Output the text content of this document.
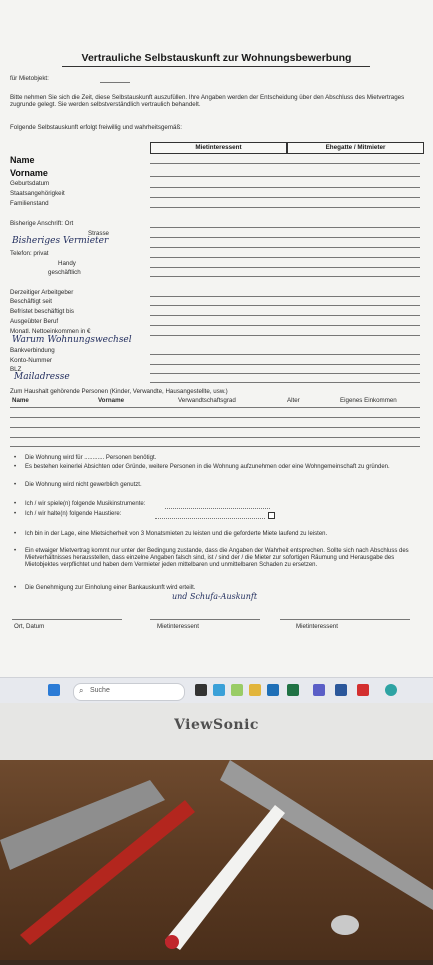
Vertrauliche Selbstauskunft zur Wohnungsbewerbung
für Mietobjekt:
Bitte nehmen Sie sich die Zeit, diese Selbstauskunft auszufüllen. Ihre Angaben werden der Entscheidung über den Abschluss des Mietvertrages zugrunde gelegt. Sie werden selbstverständlich vertraulich behandelt.
Folgende Selbstauskunft erfolgt freiwillig und wahrheitsgemäß:
Mietinteressent	Ehegatte / Mitmieter
Name
Vorname
Geburtsdatum
Staatsangehörigkeit
Familienstand
Bisherige Anschrift: Ort
Strasse
Bisheriges Vermieter
Telefon: privat
Handy
geschäftlich
Derzeitiger Arbeitgeber
Beschäftigt seit
Befristet beschäftigt bis
Ausgeübter Beruf
Monatl. Nettoeinkommen in €
Warum Wohnungswechsel
Bankverbindung
Konto-Nummer
BLZ
Mailadresse
Zum Haushalt gehörende Personen (Kinder, Verwandte, Hausangestellte, usw.)
Name	Vorname	Verwandtschaftsgrad	Alter	Eigenes Einkommen
• Die Wohnung wird für ............ Personen benötigt.
• Es bestehen keinerlei Absichten oder Gründe, weitere Personen in die Wohnung aufzunehmen oder eine Wohngemeinschaft zu gründen.
• Die Wohnung wird nicht gewerblich genutzt.
• Ich / wir spiele(n) folgende Musikinstrumente:
• Ich / wir halte(n) folgende Haustiere:
• Ich bin in der Lage, eine Mietsicherheit von 3 Monatsmieten zu leisten und die geforderte Miete laufend zu leisten.
• Ein etwaiger Mietvertrag kommt nur unter der Bedingung zustande, dass die Angaben der Wahrheit entsprechen. Sollte sich nach Abschluss des Mietverhältnisses herausstellen, dass einzelne Angaben falsch sind, ist / sind der / die Mieter zur sofortigen Räumung und Herausgabe des Mietobjektes verpflichtet und haben dem Vermieter jeden mittelbaren und unmittelbaren Schaden zu ersetzen.
• Die Genehmigung zur Einholung einer Bankauskunft wird erteilt.
und Schufa-Auskunft
Ort, Datum	Mietinteressent	Mietinteressent
⌕ Suche
ViewSonic
